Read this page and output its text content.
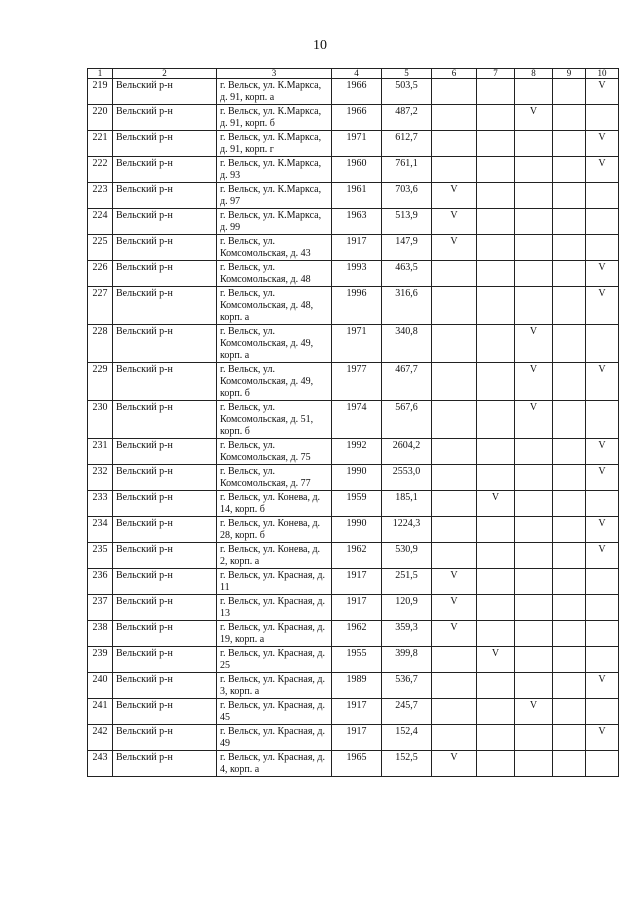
10
1	2	3	4	5	6	7	8	9	10
219	Вельский р-н	г. Вельск, ул. К.Маркса, д. 91, корп. а	1966	503,5					V
220	Вельский р-н	г. Вельск, ул. К.Маркса, д. 91, корп. б	1966	487,2			V		
221	Вельский р-н	г. Вельск, ул. К.Маркса, д. 91, корп. г	1971	612,7					V
222	Вельский р-н	г. Вельск, ул. К.Маркса, д. 93	1960	761,1					V
223	Вельский р-н	г. Вельск, ул. К.Маркса, д. 97	1961	703,6	V				
224	Вельский р-н	г. Вельск, ул. К.Маркса, д. 99	1963	513,9	V				
225	Вельский р-н	г. Вельск, ул. Комсомольская, д. 43	1917	147,9	V				
226	Вельский р-н	г. Вельск, ул. Комсомольская, д. 48	1993	463,5					V
227	Вельский р-н	г. Вельск, ул. Комсомольская, д. 48, корп. а	1996	316,6					V
228	Вельский р-н	г. Вельск, ул. Комсомольская, д. 49, корп. а	1971	340,8			V		
229	Вельский р-н	г. Вельск, ул. Комсомольская, д. 49, корп. б	1977	467,7			V		V
230	Вельский р-н	г. Вельск, ул. Комсомольская, д. 51, корп. б	1974	567,6			V		
231	Вельский р-н	г. Вельск, ул. Комсомольская, д. 75	1992	2604,2					V
232	Вельский р-н	г. Вельск, ул. Комсомольская, д. 77	1990	2553,0					V
233	Вельский р-н	г. Вельск, ул. Конева, д. 14, корп. б	1959	185,1		V			
234	Вельский р-н	г. Вельск, ул. Конева, д. 28, корп. б	1990	1224,3					V
235	Вельский р-н	г. Вельск, ул. Конева, д. 2, корп. а	1962	530,9					V
236	Вельский р-н	г. Вельск, ул. Красная, д. 11	1917	251,5	V				
237	Вельский р-н	г. Вельск, ул. Красная, д. 13	1917	120,9	V				
238	Вельский р-н	г. Вельск, ул. Красная, д. 19, корп. а	1962	359,3	V				
239	Вельский р-н	г. Вельск, ул. Красная, д. 25	1955	399,8		V			
240	Вельский р-н	г. Вельск, ул. Красная, д. 3, корп. а	1989	536,7					V
241	Вельский р-н	г. Вельск, ул. Красная, д. 45	1917	245,7			V		
242	Вельский р-н	г. Вельск, ул. Красная, д. 49	1917	152,4					V
243	Вельский р-н	г. Вельск, ул. Красная, д. 4, корп. а	1965	152,5	V				
